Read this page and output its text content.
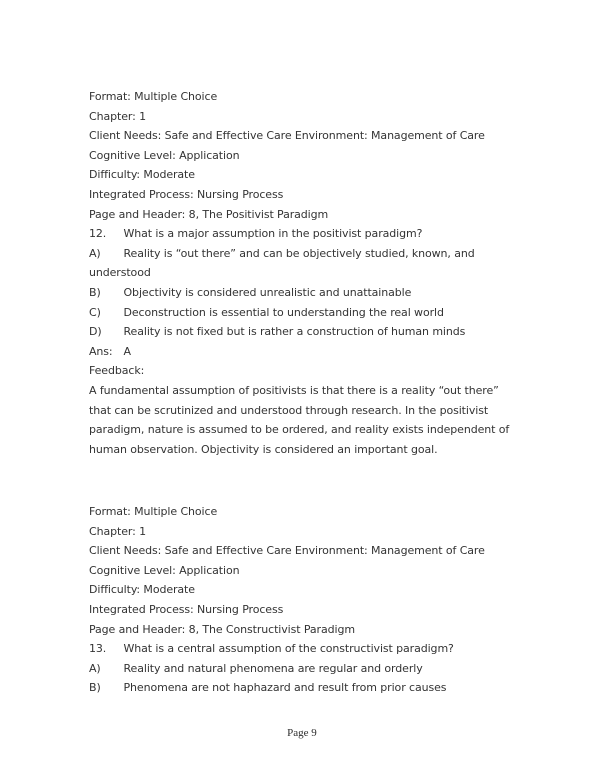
Format: Multiple Choice
Chapter: 1
Client Needs: Safe and Effective Care Environment: Management of Care
Cognitive Level: Application
Difficulty: Moderate
Integrated Process: Nursing Process
Page and Header: 8, The Positivist Paradigm
12. What is a major assumption in the positivist paradigm?
A) Reality is “out there” and can be objectively studied, known, and
understood
B) Objectivity is considered unrealistic and unattainable
C) Deconstruction is essential to understanding the real world
D) Reality is not fixed but is rather a construction of human minds
Ans: A
Feedback:
A fundamental assumption of positivists is that there is a reality “out there”
that can be scrutinized and understood through research. In the positivist
paradigm, nature is assumed to be ordered, and reality exists independent of
human observation. Objectivity is considered an important goal.
Format: Multiple Choice
Chapter: 1
Client Needs: Safe and Effective Care Environment: Management of Care
Cognitive Level: Application
Difficulty: Moderate
Integrated Process: Nursing Process
Page and Header: 8, The Constructivist Paradigm
13. What is a central assumption of the constructivist paradigm?
A) Reality and natural phenomena are regular and orderly
B) Phenomena are not haphazard and result from prior causes
Page 9
